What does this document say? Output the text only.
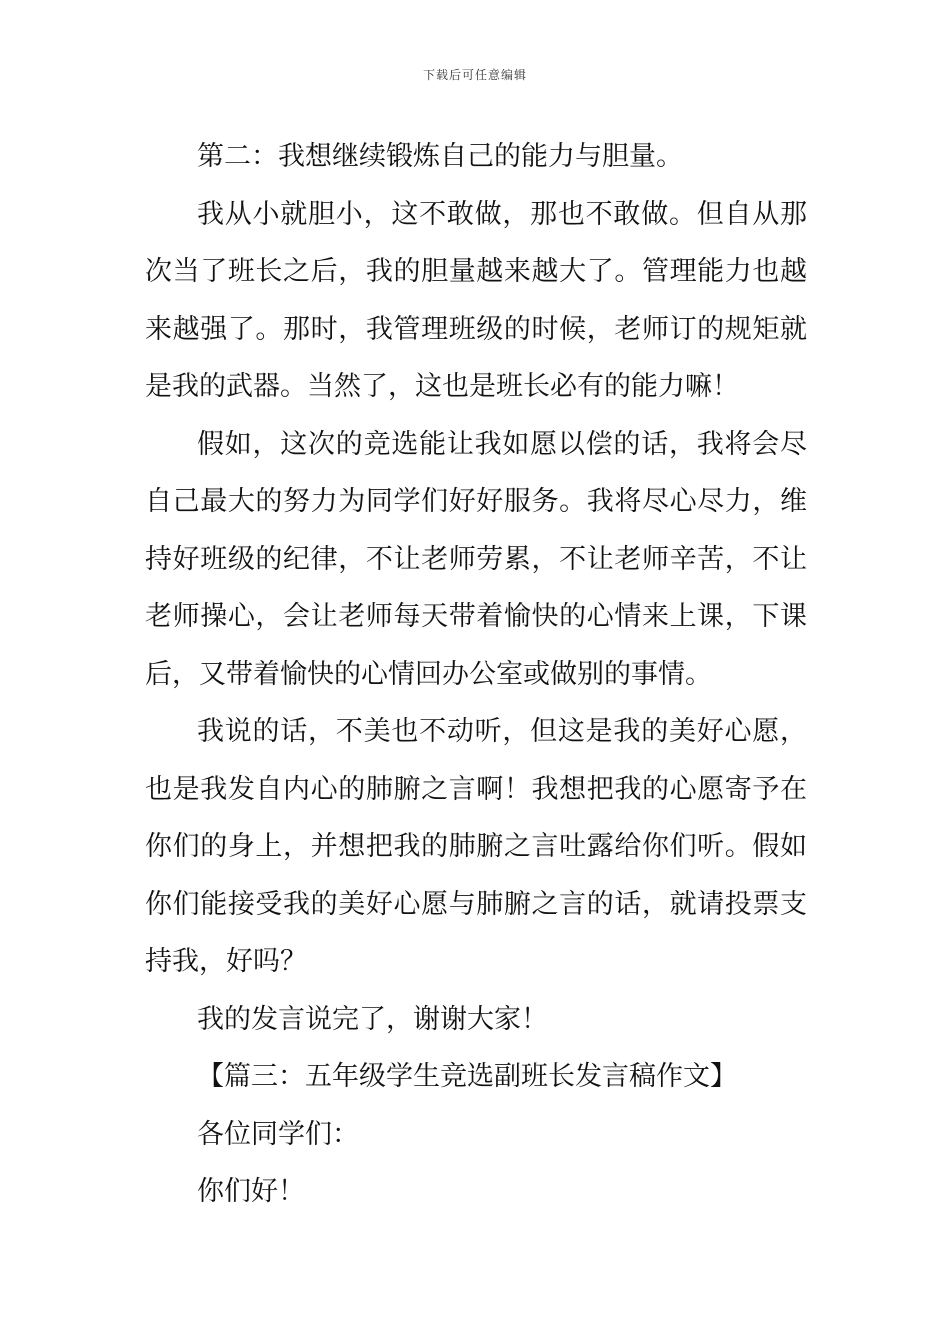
下载后可任意编辑

第二：我想继续锻炼自己的能力与胆量。

我从小就胆小，这不敢做，那也不敢做。但自从那次当了班长之后，我的胆量越来越大了。管理能力也越来越强了。那时，我管理班级的时候，老师订的规矩就是我的武器。当然了，这也是班长必有的能力嘛！

假如，这次的竞选能让我如愿以偿的话，我将会尽自己最大的努力为同学们好好服务。我将尽心尽力，维持好班级的纪律，不让老师劳累，不让老师辛苦，不让老师操心，会让老师每天带着愉快的心情来上课，下课后，又带着愉快的心情回办公室或做别的事情。

我说的话，不美也不动听，但这是我的美好心愿，也是我发自内心的肺腑之言啊！我想把我的心愿寄予在你们的身上，并想把我的肺腑之言吐露给你们听。假如你们能接受我的美好心愿与肺腑之言的话，就请投票支持我，好吗？

我的发言说完了，谢谢大家！

【篇三：五年级学生竞选副班长发言稿作文】

各位同学们：

你们好！
